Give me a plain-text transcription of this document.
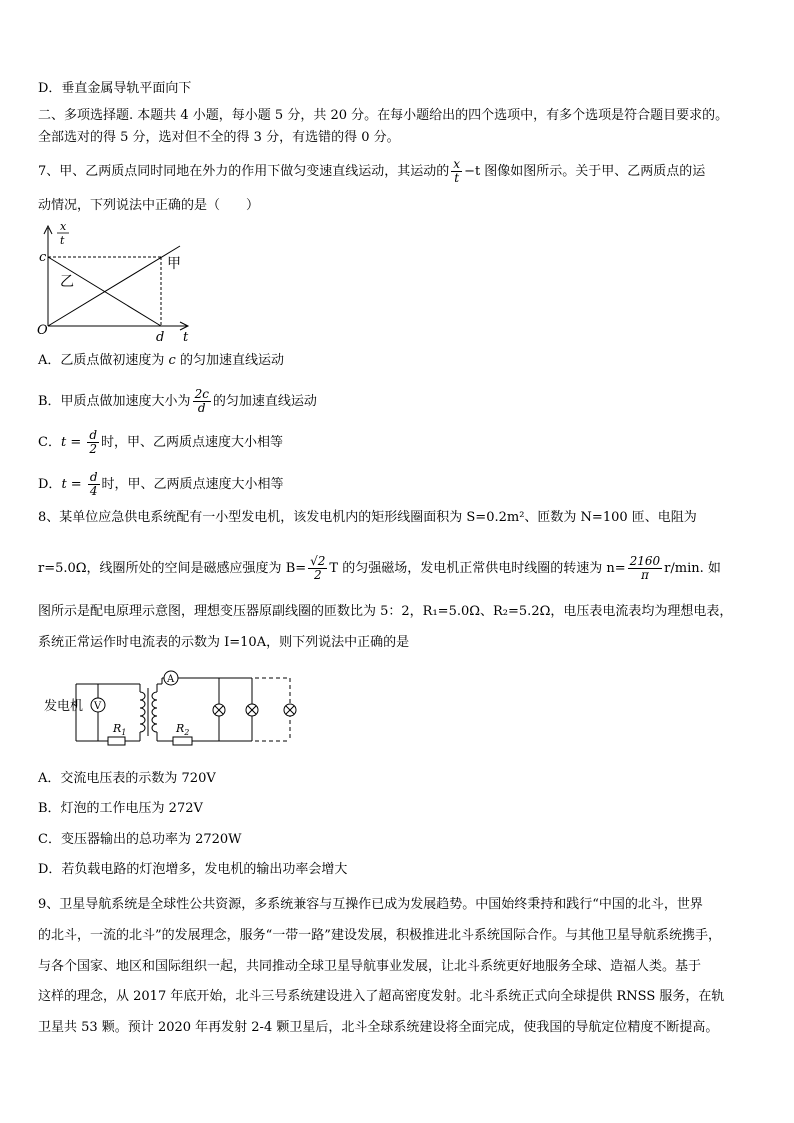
D．垂直金属导轨平面向下
二、多项选择题. 本题共 4 小题，每小题 5 分，共 20 分。在每小题给出的四个选项中，有多个选项是符合题目要求的。
全部选对的得 5 分，选对但不全的得 3 分，有选错的得 0 分。
7、甲、乙两质点同时同地在外力的作用下做匀变速直线运动，其运动的 $\frac{x}{t} -t$ 图像如图所示。关于甲、乙两质点的运
动情况，下列说法中正确的是（　　）
x
t
c
O	d t
甲
乙
A．乙质点做初速度为 c 的匀加速直线运动
B．甲质点做加速度大小为 $\frac{2c}{d}$ 的匀加速直线运动
C．$t = \frac{d}{2}$ 时，甲、乙两质点速度大小相等
D．$t = \frac{d}{4}$ 时，甲、乙两质点速度大小相等
8、某单位应急供电系统配有一小型发电机，该发电机内的矩形线圈面积为 S=0.2m²、匝数为 N=100 匝、电阻为
r=5.0Ω，线圈所处的空间是磁感应强度为 $B= \frac{√2}{2}$ T 的匀强磁场，发电机正常供电时线圈的转速为 $n= \frac{2160}{\pi} r/\min$. 如
图所示是配电原理示意图，理想变压器原副线圈的匝数比为 5：2，R₁=5.0Ω、R₂=5.2Ω，电压表电流表均为理想电表，
系统正常运作时电流表的示数为 I=10A，则下列说法中正确的是
发电机 V
$R_1$
A
$R_2$
A．交流电压表的示数为 720V
B．灯泡的工作电压为 272V
C．变压器输出的总功率为 2720W
D．若负载电路的灯泡增多，发电机的输出功率会增大
9、卫星导航系统是全球性公共资源，多系统兼容与互操作已成为发展趋势。中国始终秉持和践行“中国的北斗，世界
的北斗，一流的北斗”的发展理念，服务“一带一路”建设发展，积极推进北斗系统国际合作。与其他卫星导航系统携手，
与各个国家、地区和国际组织一起，共同推动全球卫星导航事业发展，让北斗系统更好地服务全球、造福人类。基于
这样的理念，从 2017 年底开始，北斗三号系统建设进入了超高密度发射。北斗系统正式向全球提供 RNSS 服务，在轨
卫星共 53 颗。预计 2020 年再发射 2-4 颗卫星后，北斗全球系统建设将全面完成，使我国的导航定位精度不断提高。
